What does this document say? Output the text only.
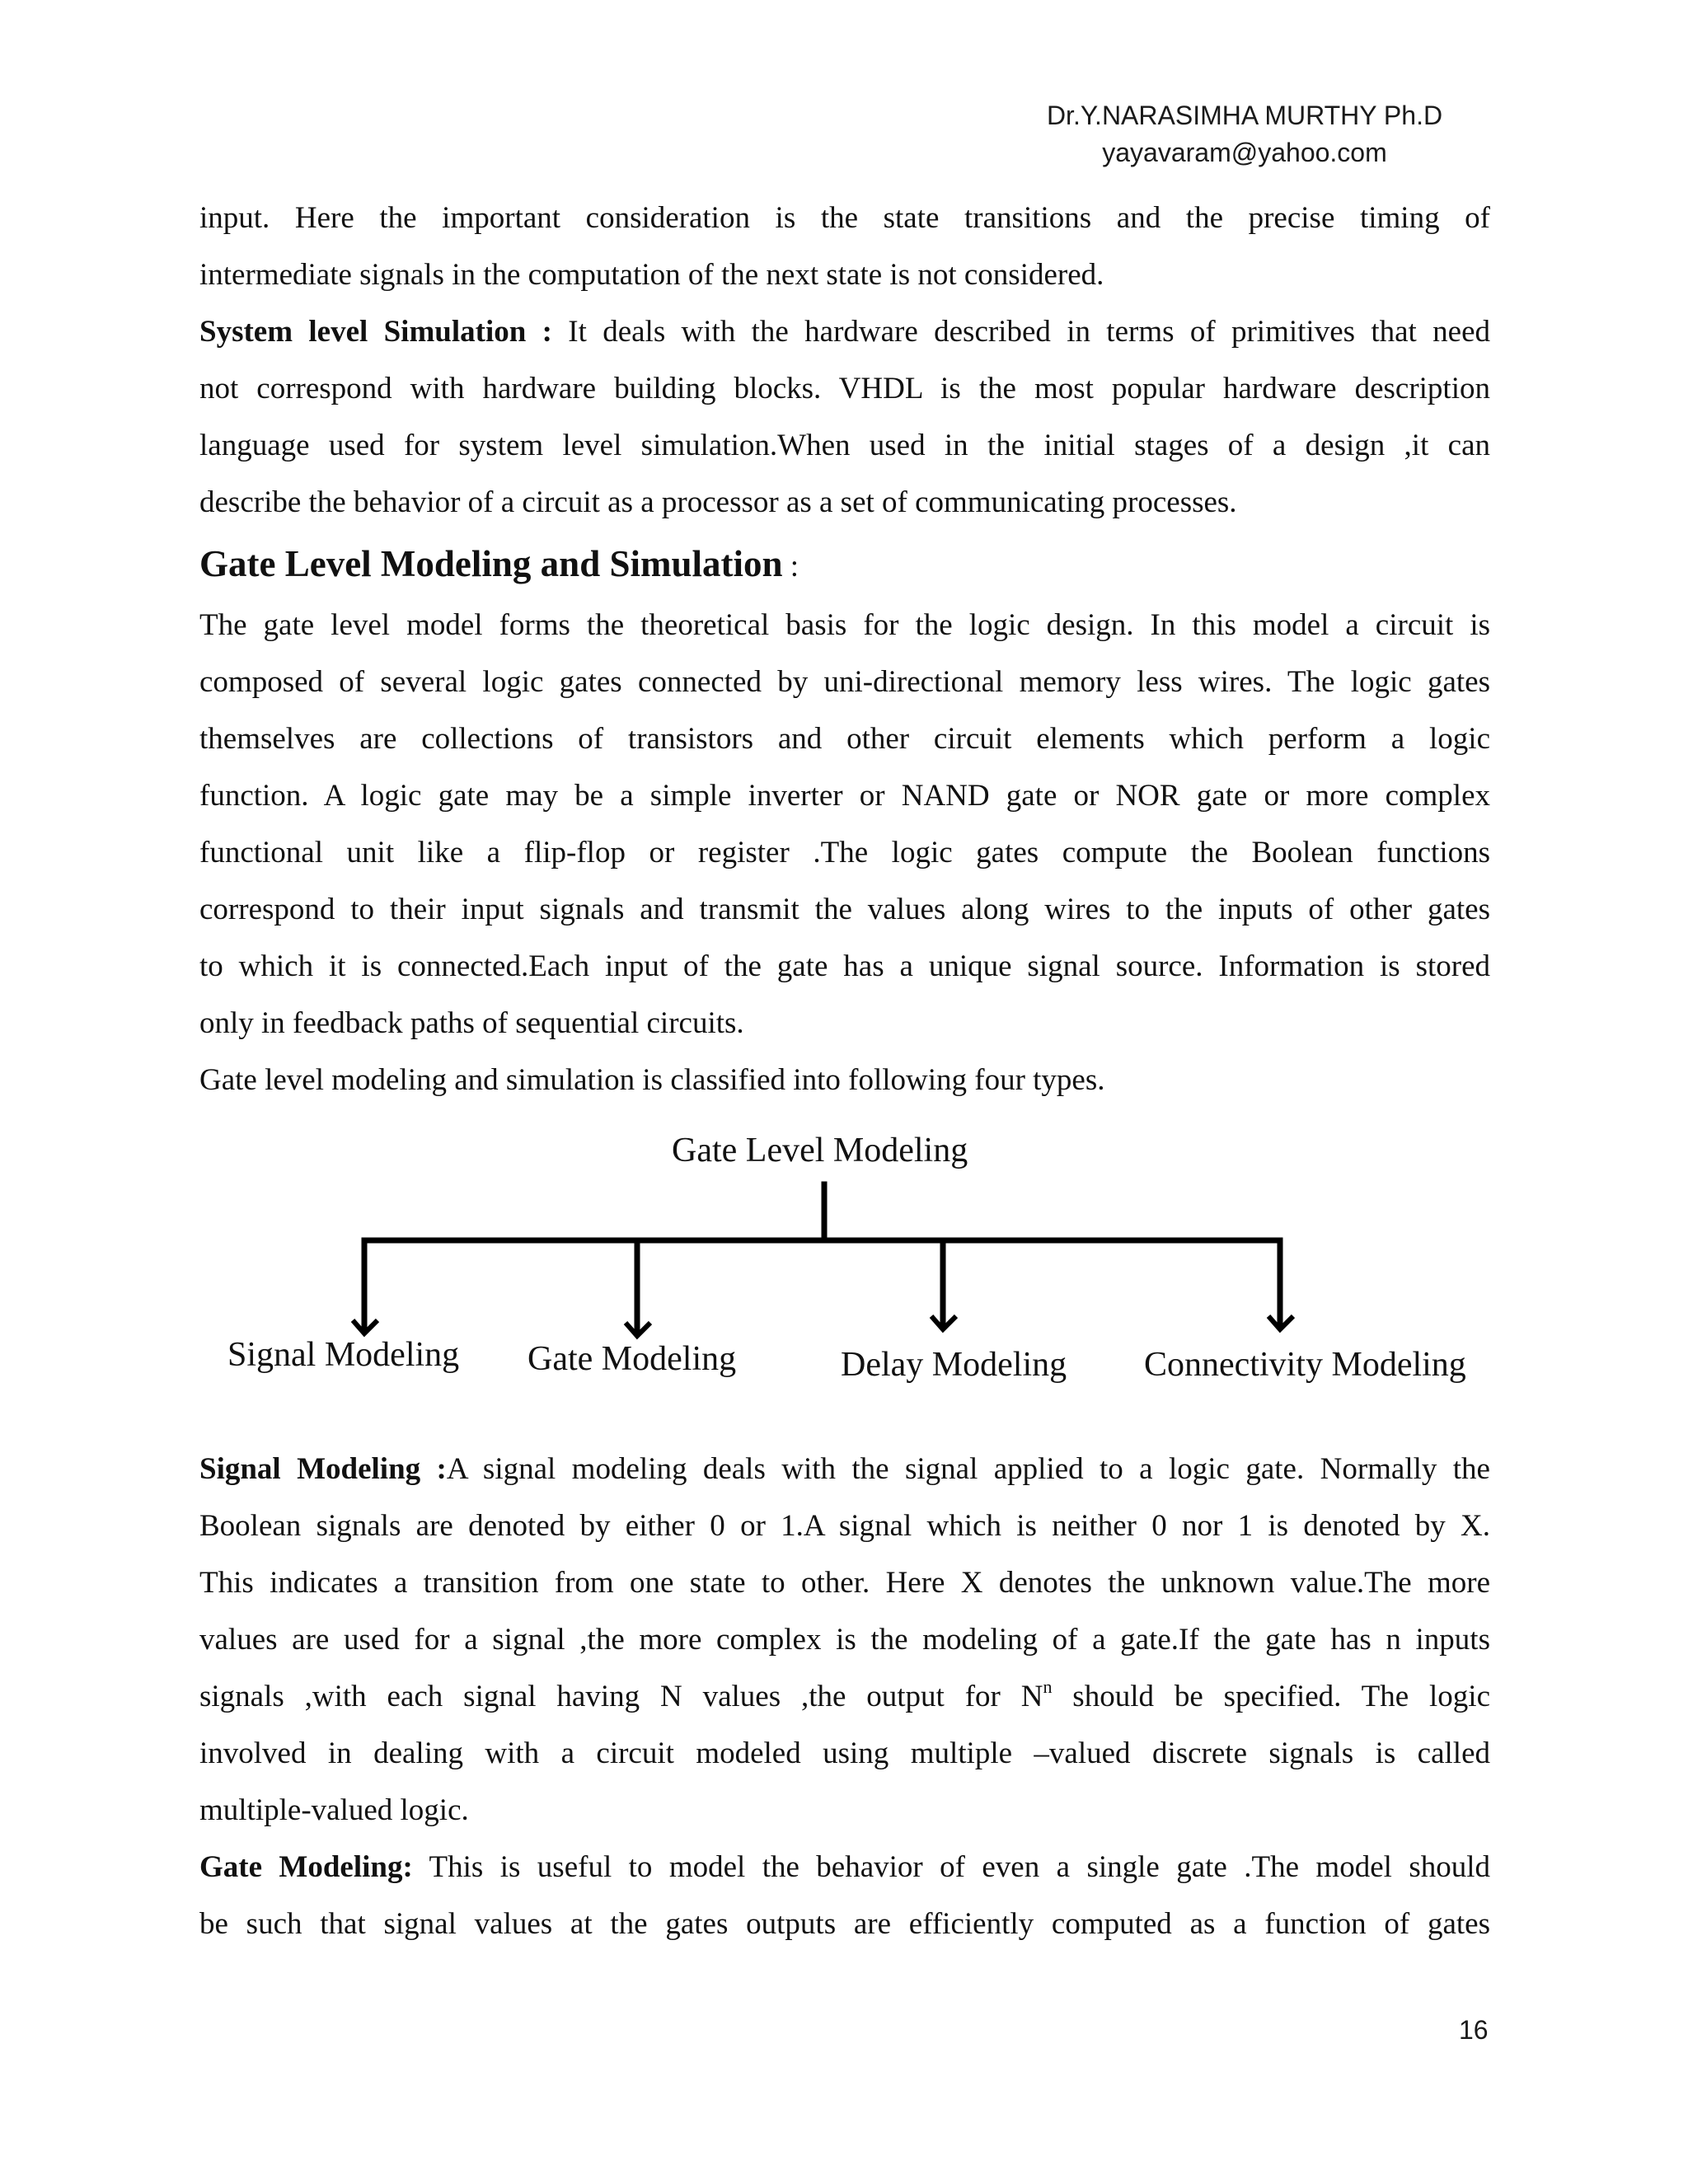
Dr.Y.NARASIMHA MURTHY Ph.D
yayavaram@yahoo.com
input. Here the important consideration is the state transitions and the precise timing of
intermediate signals in the computation of the next state is not considered.
System level Simulation : It deals with the hardware described in terms of primitives that need
not correspond with hardware building blocks. VHDL is the most popular hardware description
language used for system level simulation.When used in the initial stages of a design ,it can
describe the behavior of a circuit as a processor as a set of communicating processes.
Gate Level Modeling and Simulation :
The gate level model forms the theoretical basis for the logic design. In this model a circuit is
composed of several logic gates connected by uni-directional memory less wires. The logic gates
themselves are collections of transistors and other circuit elements which perform a logic
function. A logic gate may be a simple inverter or NAND gate or NOR gate or more complex
functional unit like a flip-flop or register .The logic gates compute the Boolean functions
correspond to their input signals and transmit the values along wires to the inputs of other gates
to which it is connected.Each input of the gate has a unique signal source. Information is stored
only in feedback paths of sequential circuits.
Gate level modeling and simulation is classified into following four types.
Gate Level Modeling
Signal Modeling Gate Modeling	Delay Modeling Connectivity Modeling
Signal Modeling :A signal modeling deals with the signal applied to a logic gate. Normally the
Boolean signals are denoted by either 0 or 1.A signal which is neither 0 nor 1 is denoted by X.
This indicates a transition from one state to other. Here X denotes the unknown value.The more
values are used for a signal ,the more complex is the modeling of a gate.If the gate has n inputs
signals ,with each signal having N values ,the output for $N^n$ should be specified. The logic
involved in dealing with a circuit modeled using multiple –valued discrete signals is called
multiple-valued logic.
Gate Modeling: This is useful to model the behavior of even a single gate .The model should
be such that signal values at the gates outputs are efficiently computed as a function of gates
16
